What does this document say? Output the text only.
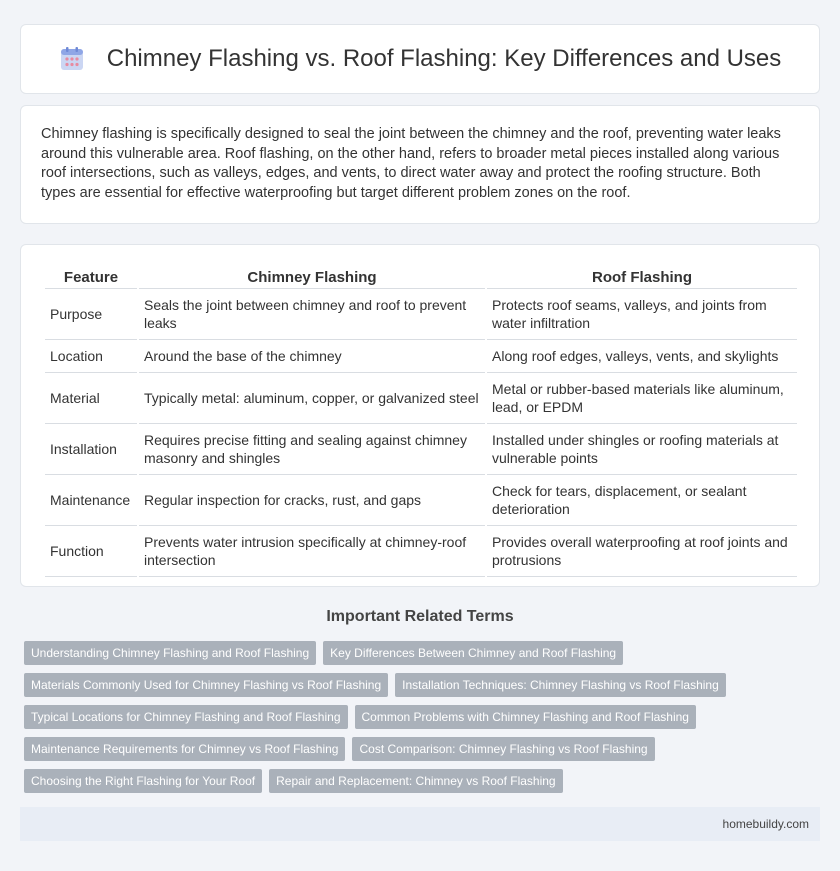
Chimney Flashing vs. Roof Flashing: Key Differences and Uses

Chimney flashing is specifically designed to seal the joint between the chimney and the roof, preventing water leaks around this vulnerable area. Roof flashing, on the other hand, refers to broader metal pieces installed along various roof intersections, such as valleys, edges, and vents, to direct water away and protect the roofing structure. Both types are essential for effective waterproofing but target different problem zones on the roof.

Feature	Chimney Flashing	Roof Flashing
Purpose	Seals the joint between chimney and roof to prevent leaks	Protects roof seams, valleys, and joints from water infiltration
Location	Around the base of the chimney	Along roof edges, valleys, vents, and skylights
Material	Typically metal: aluminum, copper, or galvanized steel	Metal or rubber-based materials like aluminum, lead, or EPDM
Installation	Requires precise fitting and sealing against chimney masonry and shingles	Installed under shingles or roofing materials at vulnerable points
Maintenance	Regular inspection for cracks, rust, and gaps	Check for tears, displacement, or sealant deterioration
Function	Prevents water intrusion specifically at chimney-roof intersection	Provides overall waterproofing at roof joints and protrusions
Important Related Terms
Understanding Chimney Flashing and Roof Flashing	Key Differences Between Chimney and Roof Flashing
Materials Commonly Used for Chimney Flashing vs Roof Flashing	Installation Techniques: Chimney Flashing vs Roof Flashing
Typical Locations for Chimney Flashing and Roof Flashing	Common Problems with Chimney Flashing and Roof Flashing
Maintenance Requirements for Chimney vs Roof Flashing	Cost Comparison: Chimney Flashing vs Roof Flashing
Choosing the Right Flashing for Your Roof	Repair and Replacement: Chimney vs Roof Flashing
homebuildy.com
